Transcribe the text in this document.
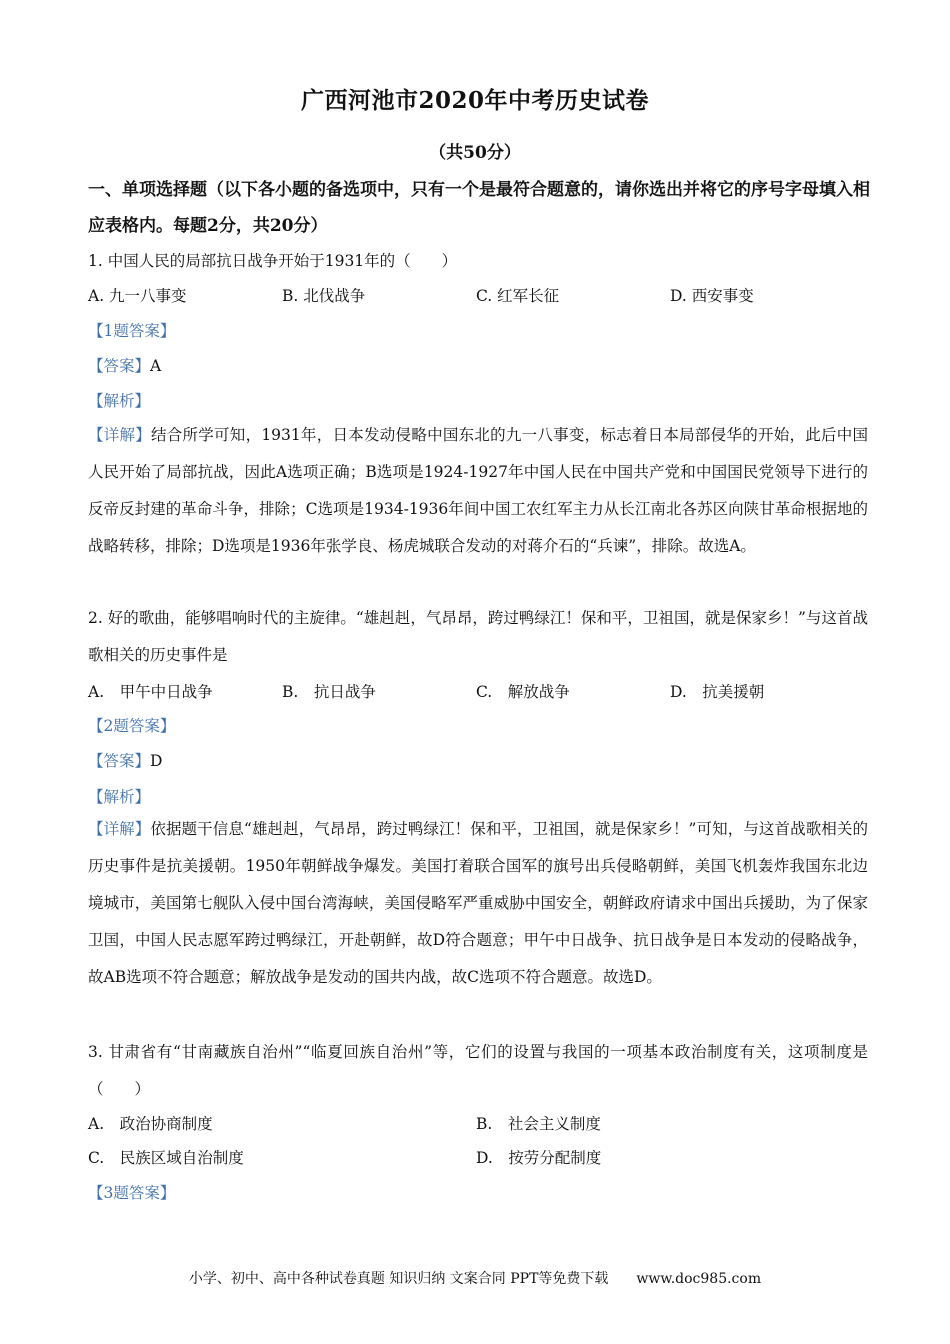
广西河池市2020年中考历史试卷
（共50分）
一、单项选择题（以下各小题的备选项中，只有一个是最符合题意的，请你选出并将它的序号字母填入相应表格内。每题2分，共20分）
1. 中国人民的局部抗日战争开始于1931年的（　　）
A. 九一八事变	B. 北伐战争	C. 红军长征	D. 西安事变
【1题答案】
【答案】A
【解析】
【详解】结合所学可知，1931年，日本发动侵略中国东北的九一八事变，标志着日本局部侵华的开始，此后中国人民开始了局部抗战，因此A选项正确；B选项是1924-1927年中国人民在中国共产党和中国国民党领导下进行的反帝反封建的革命斗争，排除；C选项是1934-1936年间中国工农红军主力从长江南北各苏区向陕甘革命根据地的战略转移，排除；D选项是1936年张学良、杨虎城联合发动的对蒋介石的“兵谏”，排除。故选A。
2. 好的歌曲，能够唱响时代的主旋律。“雄赳赳，气昂昂，跨过鸭绿江！保和平，卫祖国，就是保家乡！”与这首战歌相关的历史事件是
A.　甲午中日战争	B.　抗日战争	C.　解放战争	D.　抗美援朝
【2题答案】
【答案】D
【解析】
【详解】依据题干信息“雄赳赳，气昂昂，跨过鸭绿江！保和平，卫祖国，就是保家乡！”可知，与这首战歌相关的历史事件是抗美援朝。1950年朝鲜战争爆发。美国打着联合国军的旗号出兵侵略朝鲜，美国飞机轰炸我国东北边境城市，美国第七舰队入侵中国台湾海峡，美国侵略军严重威胁中国安全，朝鲜政府请求中国出兵援助，为了保家卫国，中国人民志愿军跨过鸭绿江，开赴朝鲜，故D符合题意；甲午中日战争、抗日战争是日本发动的侵略战争，故AB选项不符合题意；解放战争是发动的国共内战，故C选项不符合题意。故选D。
3. 甘肃省有“甘南藏族自治州”“临夏回族自治州”等，它们的设置与我国的一项基本政治制度有关，这项制度是（　　）
A.　政治协商制度	B.　社会主义制度
C.　民族区域自治制度	D.　按劳分配制度
【3题答案】
小学、初中、高中各种试卷真题 知识归纳 文案合同 PPT等免费下载　　www.doc985.com
